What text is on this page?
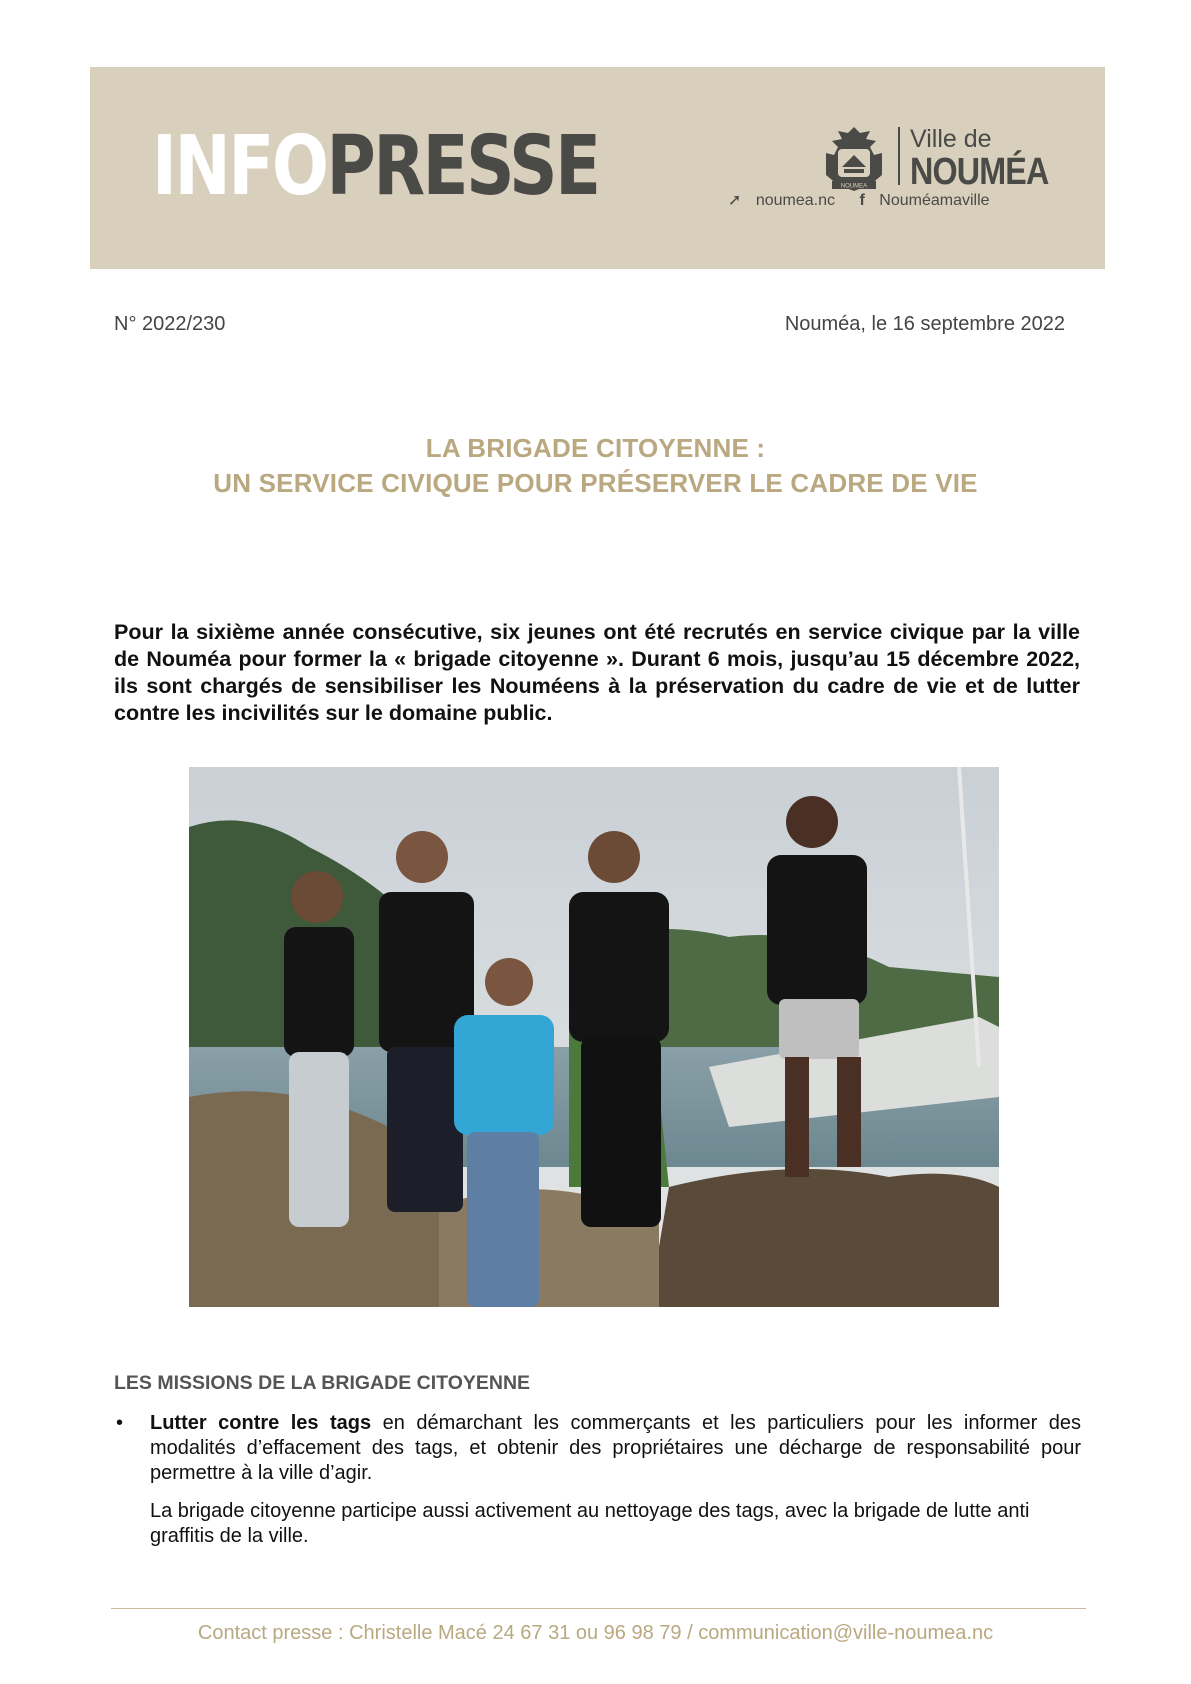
INFOPRESSE	NOUMEA
Ville de
NOUMÉA
➚ noumea.nc f Nouméamaville
N° 2022/230	Nouméa, le 16 septembre 2022
LA BRIGADE CITOYENNE :
UN SERVICE CIVIQUE POUR PRÉSERVER LE CADRE DE VIE
Pour la sixième année consécutive, six jeunes ont été recrutés en service civique par la ville de Nouméa pour former la « brigade citoyenne ». Durant 6 mois, jusqu’au 15 décembre 2022, ils sont chargés de sensibiliser les Nouméens à la préservation du cadre de vie et de lutter contre les incivilités sur le domaine public.
LES MISSIONS DE LA BRIGADE CITOYENNE
• Lutter contre les tags en démarchant les commerçants et les particuliers pour les informer des modalités d’effacement des tags, et obtenir des propriétaires une décharge de responsabilité pour permettre à la ville d’agir.
La brigade citoyenne participe aussi activement au nettoyage des tags, avec la brigade de lutte anti graffitis de la ville.
Contact presse : Christelle Macé 24 67 31 ou 96 98 79 / communication@ville-noumea.nc
